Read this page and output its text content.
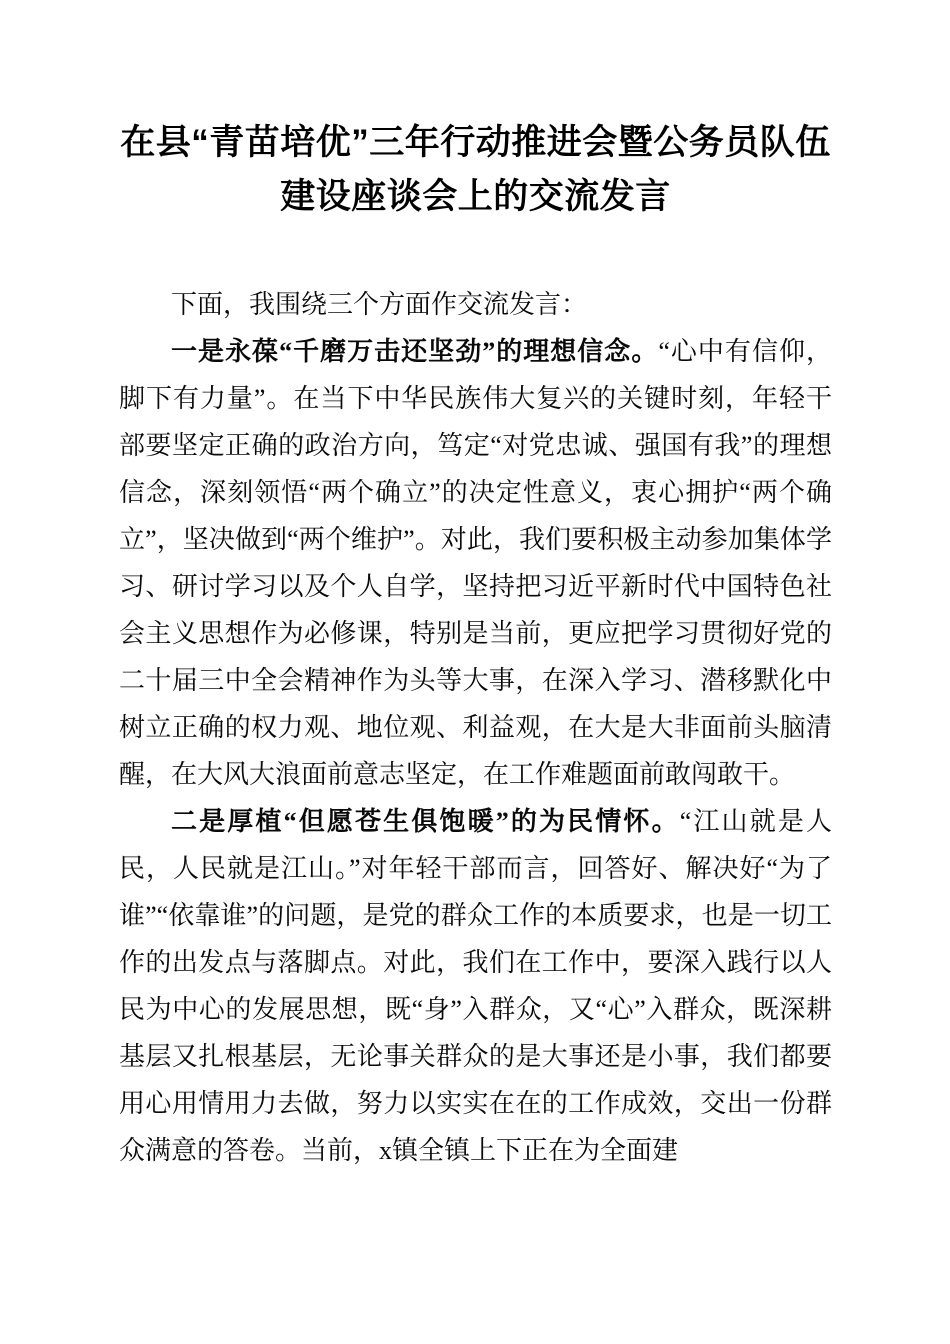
在县“青苗培优”三年行动推进会暨公务员队伍建设座谈会上的交流发言

下面，我围绕三个方面作交流发言：

一是永葆“千磨万击还坚劲”的理想信念。“心中有信仰，脚下有力量”。在当下中华民族伟大复兴的关键时刻，年轻干部要坚定正确的政治方向，笃定“对党忠诚、强国有我”的理想信念，深刻领悟“两个确立”的决定性意义，衷心拥护“两个确立”，坚决做到“两个维护”。对此，我们要积极主动参加集体学习、研讨学习以及个人自学，坚持把习近平新时代中国特色社会主义思想作为必修课，特别是当前，更应把学习贯彻好党的二十届三中全会精神作为头等大事，在深入学习、潜移默化中树立正确的权力观、地位观、利益观，在大是大非面前头脑清醒，在大风大浪面前意志坚定，在工作难题面前敢闯敢干。

二是厚植“但愿苍生俱饱暖”的为民情怀。“江山就是人民，人民就是江山。”对年轻干部而言，回答好、解决好“为了谁”“依靠谁”的问题，是党的群众工作的本质要求，也是一切工作的出发点与落脚点。对此，我们在工作中，要深入践行以人民为中心的发展思想，既“身”入群众，又“心”入群众，既深耕基层又扎根基层，无论事关群众的是大事还是小事，我们都要用心用情用力去做，努力以实实在在的工作成效，交出一份群众满意的答卷。当前，x镇全镇上下正在为全面建
